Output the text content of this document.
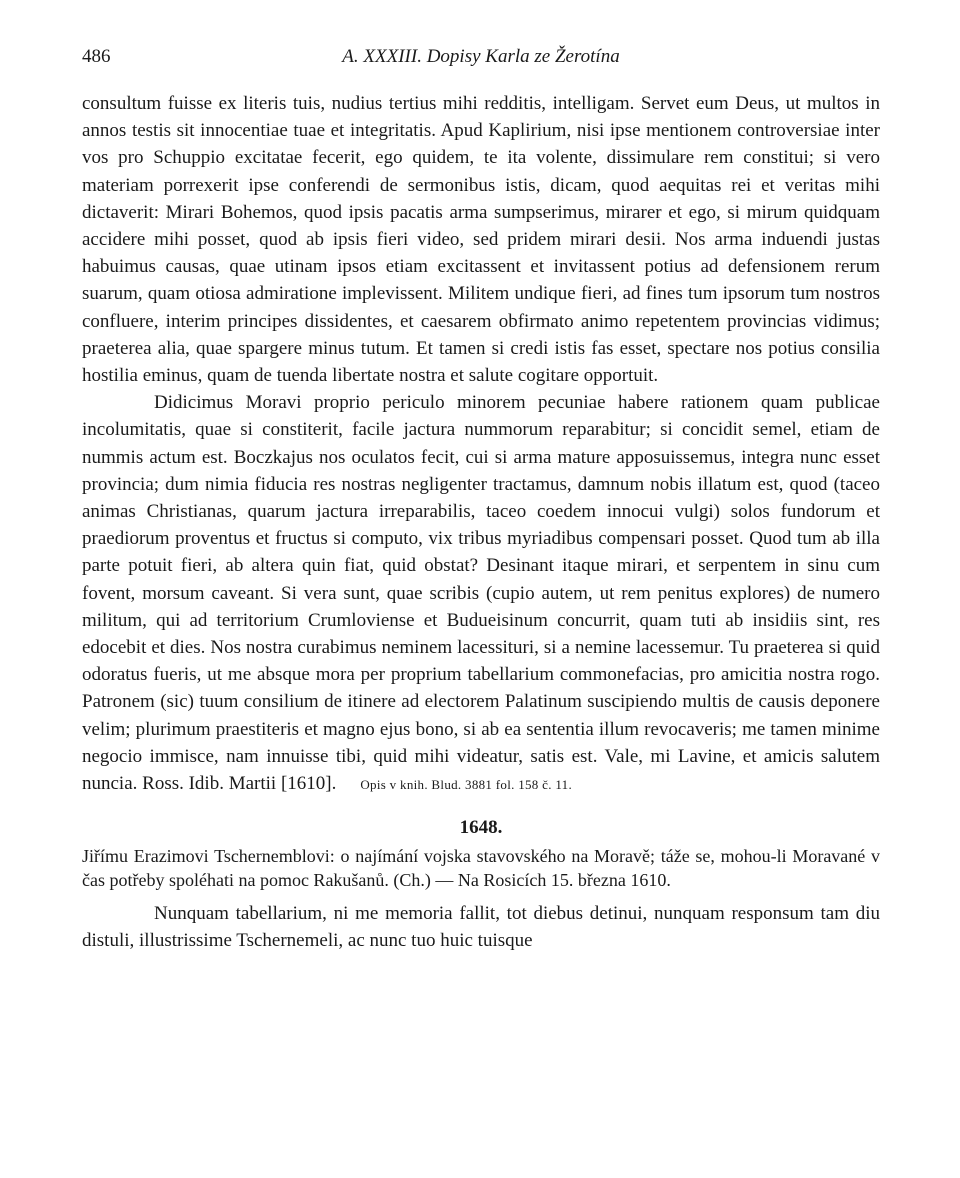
486	A. XXXIII. Dopisy Karla ze Žerotína

consultum fuisse ex literis tuis, nudius tertius mihi redditis, intelligam. Servet eum Deus, ut multos in annos testis sit innocentiae tuae et integritatis. Apud Kaplirium, nisi ipse mentionem controversiae inter vos pro Schuppio excitatae fecerit, ego quidem, te ita volente, dissimulare rem constitui; si vero materiam porrexerit ipse conferendi de sermonibus istis, dicam, quod aequitas rei et veritas mihi dictaverit: Mirari Bohemos, quod ipsis pacatis arma sumpserimus, mirarer et ego, si mirum quidquam accidere mihi posset, quod ab ipsis fieri video, sed pridem mirari desii. Nos arma induendi justas habuimus causas, quae utinam ipsos etiam excitassent et invitassent potius ad defensionem rerum suarum, quam otiosa admiratione implevissent. Militem undique fieri, ad fines tum ipsorum tum nostros confluere, interim principes dissidentes, et caesarem obfirmato animo repetentem provincias vidimus; praeterea alia, quae spargere minus tutum. Et tamen si credi istis fas esset, spectare nos potius consilia hostilia eminus, quam de tuenda libertate nostra et salute cogitare opportuit.

Didicimus Moravi proprio periculo minorem pecuniae habere rationem quam publicae incolumitatis, quae si constiterit, facile jactura nummorum reparabitur; si concidit semel, etiam de nummis actum est. Boczkajus nos oculatos fecit, cui si arma mature apposuissemus, integra nunc esset provincia; dum nimia fiducia res nostras negligenter tractamus, damnum nobis illatum est, quod (taceo animas Christianas, quarum jactura irreparabilis, taceo coedem innocui vulgi) solos fundorum et praediorum proventus et fructus si computo, vix tribus myriadibus compensari posset. Quod tum ab illa parte potuit fieri, ab altera quin fiat, quid obstat? Desinant itaque mirari, et serpentem in sinu cum fovent, morsum caveant. Si vera sunt, quae scribis (cupio autem, ut rem penitus explores) de numero militum, qui ad territorium Crumloviense et Budueisinum concurrit, quam tuti ab insidiis sint, res edocebit et dies. Nos nostra curabimus neminem lacessituri, si a nemine lacessemur. Tu praeterea si quid odoratus fueris, ut me absque mora per proprium tabellarium commonefacias, pro amicitia nostra rogo. Patronem (sic) tuum consilium de itinere ad electorem Palatinum suscipiendo multis de causis deponere velim; plurimum praestiteris et magno ejus bono, si ab ea sententia illum revocaveris; me tamen minime negocio immisce, nam innuisse tibi, quid mihi videatur, satis est. Vale, mi Lavine, et amicis salutem nuncia. Ross. Idib. Martii [1610]. Opis v knih. Blud. 3881 fol. 158 č. 11.

1648.
Jiřímu Erazimovi Tschernemblovi: o najímání vojska stavovského na Moravě; táže se, mohou-li Moravané v čas potřeby spoléhati na pomoc Rakušanů. (Ch.) — Na Rosicích 15. března 1610.

Nunquam tabellarium, ni me memoria fallit, tot diebus detinui, nunquam responsum tam diu distuli, illustrissime Tschernemeli, ac nunc tuo huic tuisque
